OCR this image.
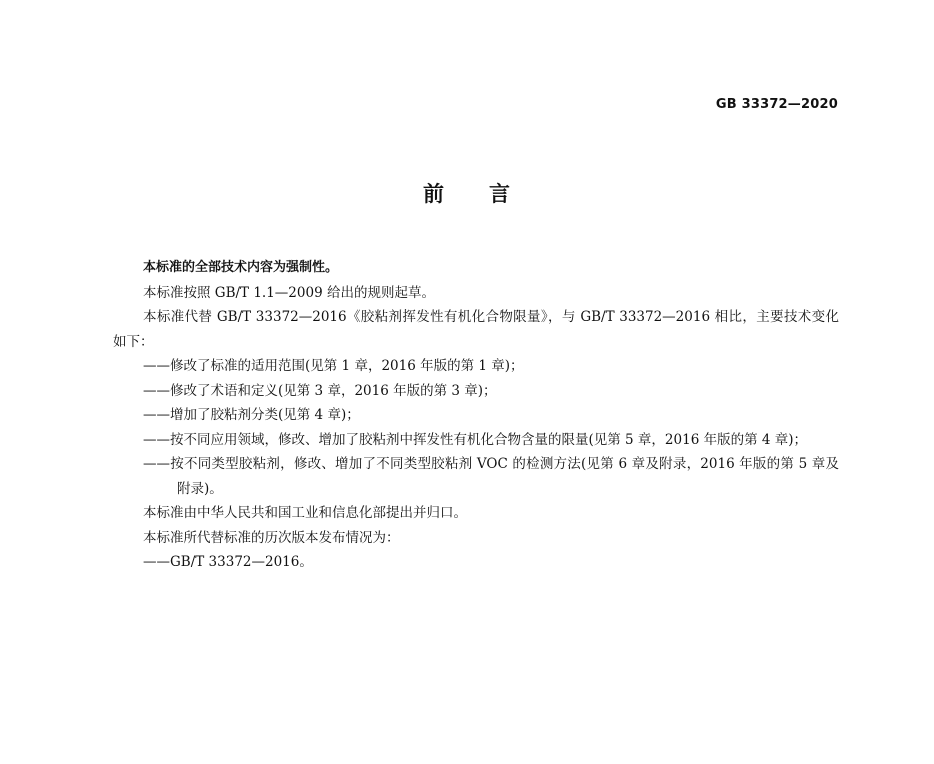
GB 33372—2020
前　　言

本标准的全部技术内容为强制性。

本标准按照 GB/T 1.1—2009 给出的规则起草。

本标准代替 GB/T 33372—2016《胶粘剂挥发性有机化合物限量》，与 GB/T 33372—2016 相比，主要技术变化如下：

——修改了标准的适用范围(见第 1 章，2016 年版的第 1 章)；

——修改了术语和定义(见第 3 章，2016 年版的第 3 章)；

——增加了胶粘剂分类(见第 4 章)；

——按不同应用领域，修改、增加了胶粘剂中挥发性有机化合物含量的限量(见第 5 章，2016 年版的第 4 章)；

——按不同类型胶粘剂，修改、增加了不同类型胶粘剂 VOC 的检测方法(见第 6 章及附录，2016 年版的第 5 章及附录)。

本标准由中华人民共和国工业和信息化部提出并归口。

本标准所代替标准的历次版本发布情况为：

——GB/T 33372—2016。
